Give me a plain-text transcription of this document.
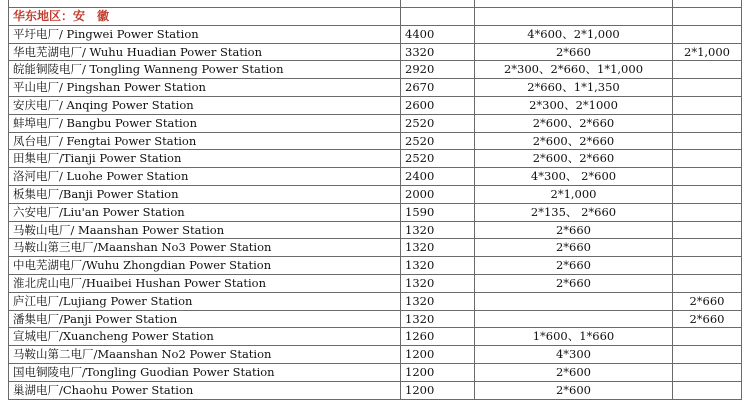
华东地区：安　徽			
平圩电厂/ Pingwei Power Station	4400	4*600、2*1,000	
华电芜湖电厂/ Wuhu Huadian Power Station	3320	2*660	2*1,000
皖能铜陵电厂/ Tongling Wanneng Power Station	2920	2*300、2*660、1*1,000	
平山电厂/ Pingshan Power Station	2670	2*660、1*1,350	
安庆电厂/ Anqing Power Station	2600	2*300、2*1000	
蚌埠电厂/ Bangbu Power Station	2520	2*600、2*660	
凤台电厂/ Fengtai Power Station	2520	2*600、2*660	
田集电厂/Tianji Power Station	2520	2*600、2*660	
洛河电厂/ Luohe Power Station	2400	4*300、 2*600	
板集电厂/Banji Power Station	2000	2*1,000	
六安电厂/Liu'an Power Station	1590	2*135、 2*660	
马鞍山电厂/ Maanshan Power Station	1320	2*660	
马鞍山第三电厂/Maanshan No3 Power Station	1320	2*660	
中电芜湖电厂/Wuhu Zhongdian Power Station	1320	2*660	
淮北虎山电厂/Huaibei Hushan Power Station	1320	2*660	
庐江电厂/Lujiang Power Station	1320		2*660
潘集电厂/Panji Power Station	1320		2*660
宣城电厂/Xuancheng Power Station	1260	1*600、1*660	
马鞍山第二电厂/Maanshan No2 Power Station	1200	4*300	
国电铜陵电厂/Tongling Guodian Power Station	1200	2*600	
巢湖电厂/Chaohu Power Station	1200	2*600	
